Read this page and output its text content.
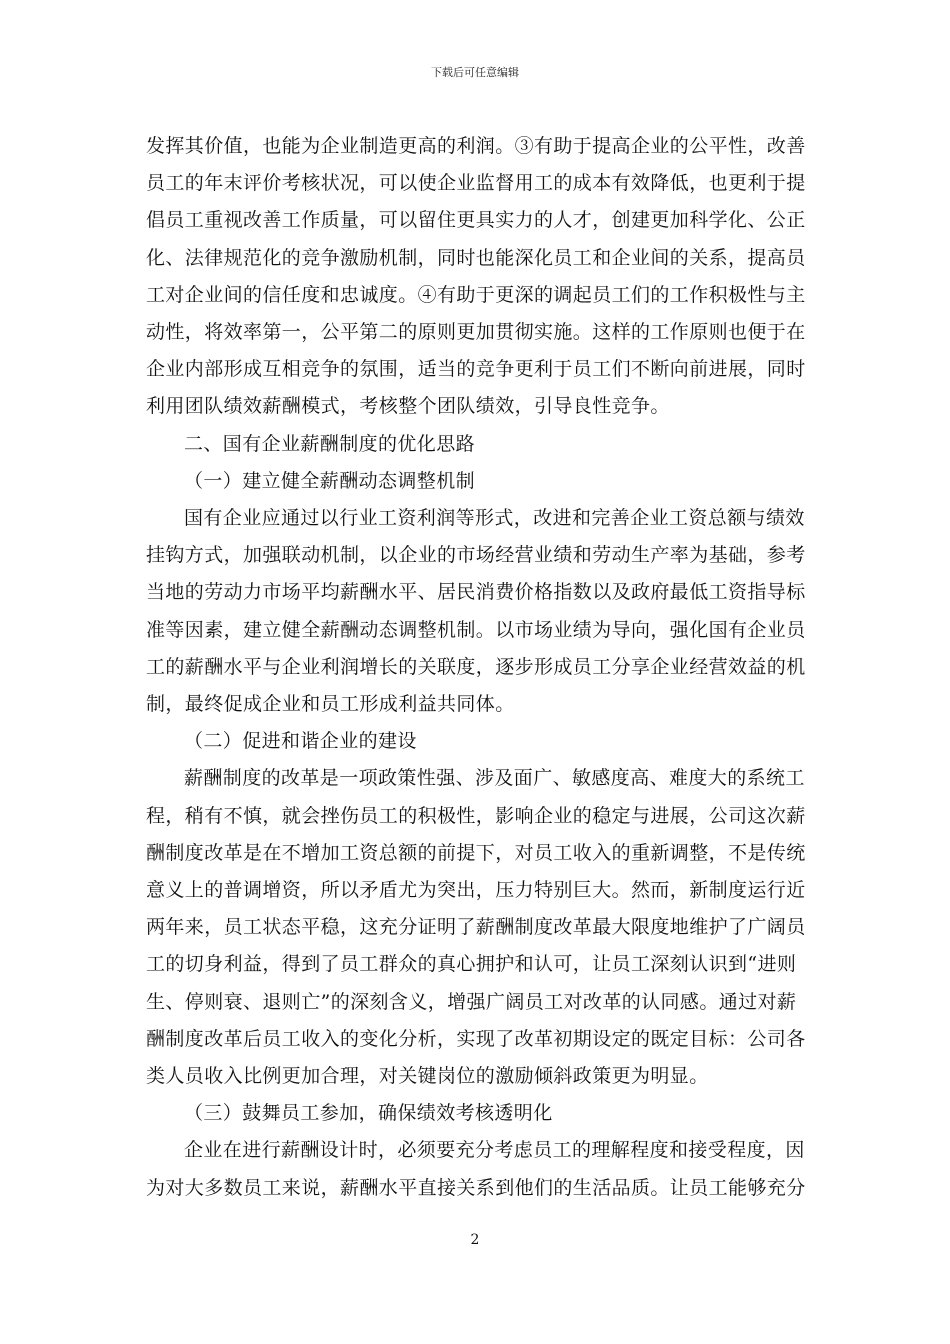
下载后可任意编辑

发挥其价值，也能为企业制造更高的利润。③有助于提高企业的公平性，改善
员工的年末评价考核状况，可以使企业监督用工的成本有效降低，也更利于提
倡员工重视改善工作质量，可以留住更具实力的人才，创建更加科学化、公正
化、法律规范化的竞争激励机制，同时也能深化员工和企业间的关系，提高员
工对企业间的信任度和忠诚度。④有助于更深的调起员工们的工作积极性与主
动性，将效率第一，公平第二的原则更加贯彻实施。这样的工作原则也便于在
企业内部形成互相竞争的氛围，适当的竞争更利于员工们不断向前进展，同时
利用团队绩效薪酬模式，考核整个团队绩效，引导良性竞争。

二、国有企业薪酬制度的优化思路

（一）建立健全薪酬动态调整机制

国有企业应通过以行业工资利润等形式，改进和完善企业工资总额与绩效
挂钩方式，加强联动机制，以企业的市场经营业绩和劳动生产率为基础，参考
当地的劳动力市场平均薪酬水平、居民消费价格指数以及政府最低工资指导标
准等因素，建立健全薪酬动态调整机制。以市场业绩为导向，强化国有企业员
工的薪酬水平与企业利润增长的关联度，逐步形成员工分享企业经营效益的机
制，最终促成企业和员工形成利益共同体。

（二）促进和谐企业的建设

薪酬制度的改革是一项政策性强、涉及面广、敏感度高、难度大的系统工
程，稍有不慎，就会挫伤员工的积极性，影响企业的稳定与进展，公司这次薪
酬制度改革是在不增加工资总额的前提下，对员工收入的重新调整，不是传统
意义上的普调增资，所以矛盾尤为突出，压力特别巨大。然而，新制度运行近
两年来，员工状态平稳，这充分证明了薪酬制度改革最大限度地维护了广阔员
工的切身利益，得到了员工群众的真心拥护和认可，让员工深刻认识到“进则
生、停则衰、退则亡”的深刻含义，增强广阔员工对改革的认同感。通过对薪
酬制度改革后员工收入的变化分析，实现了改革初期设定的既定目标：公司各
类人员收入比例更加合理，对关键岗位的激励倾斜政策更为明显。

（三）鼓舞员工参加，确保绩效考核透明化

企业在进行薪酬设计时，必须要充分考虑员工的理解程度和接受程度，因
为对大多数员工来说，薪酬水平直接关系到他们的生活品质。让员工能够充分

2
